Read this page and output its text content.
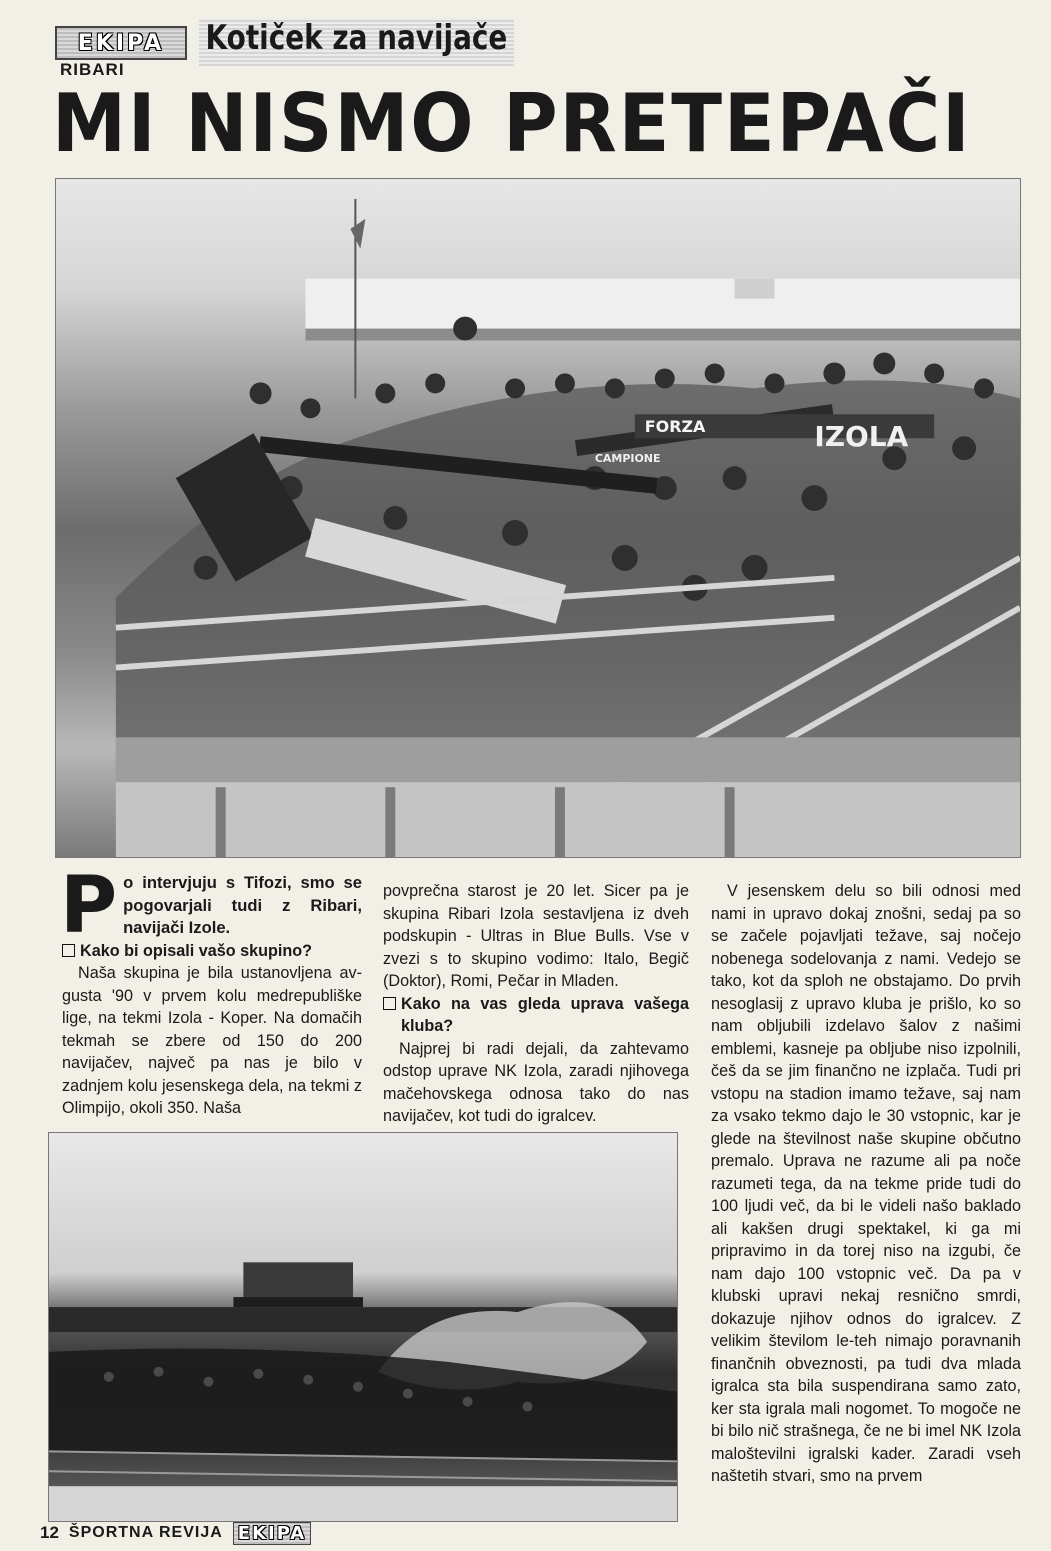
EKIPA	Kotiček za navijače
RIBARI
MI NISMO PRETEPAČI
FORZA	IZOLA
CAMPIONE

Po intervjuju s Tifozi, smo se pogovarjali tudi z Ribari, navijači Izole.

Kako bi opisali vašo skupino?

Naša skupina je bila ustanovljena avgusta '90 v prvem kolu medrepubliške lige, na tekmi Izola - Koper. Na domačih tekmah se zbere od 150 do 200 navijačev, največ pa nas je bilo v zadnjem kolu jesenskega dela, na tekmi z Olimpijo, okoli 350. Naša

povprečna starost je 20 let. Sicer pa je skupina Ribari Izola sestavljena iz dveh podskupin - Ultras in Blue Bulls. Vse v zvezi s to skupino vodimo: Italo, Begič (Doktor), Romi, Pečar in Mladen.

Kako na vas gleda uprava vašega kluba?

Najprej bi radi dejali, da zahtevamo odstop uprave NK Izola, zaradi njihovega mačehovskega odnosa tako do nas navijačev, kot tudi do igralcev.

V jesenskem delu so bili odnosi med nami in upravo dokaj znošni, sedaj pa so se začele pojavljati težave, saj nočejo nobenega sodelovanja z nami. Vedejo se tako, kot da sploh ne obstajamo. Do prvih nesoglasij z upravo kluba je prišlo, ko so nam obljubili izdelavo šalov z našimi emblemi, kasneje pa obljube niso izpolnili, češ da se jim finančno ne izplača. Tudi pri vstopu na stadion imamo težave, saj nam za vsako tekmo dajo le 30 vstopnic, kar je glede na številnost naše skupine občutno premalo. Uprava ne razume ali pa noče razumeti tega, da na tekme pride tudi do 100 ljudi več, da bi le videli našo baklado ali kakšen drugi spektakel, ki ga mi pripravimo in da torej niso na izgubi, če nam dajo 100 vstopnic več. Da pa v klubski upravi nekaj resnično smrdi, dokazuje njihov odnos do igralcev. Z velikim številom le-teh nimajo poravnanih finančnih obveznosti, pa tudi dva mlada igralca sta bila suspendirana samo zato, ker sta igrala mali nogomet. To mogoče ne bi bilo nič strašnega, če ne bi imel NK Izola maloštevilni igralski kader. Zaradi vseh naštetih stvari, smo na prvem

12 ŠPORTNA REVIJA EKIPA
